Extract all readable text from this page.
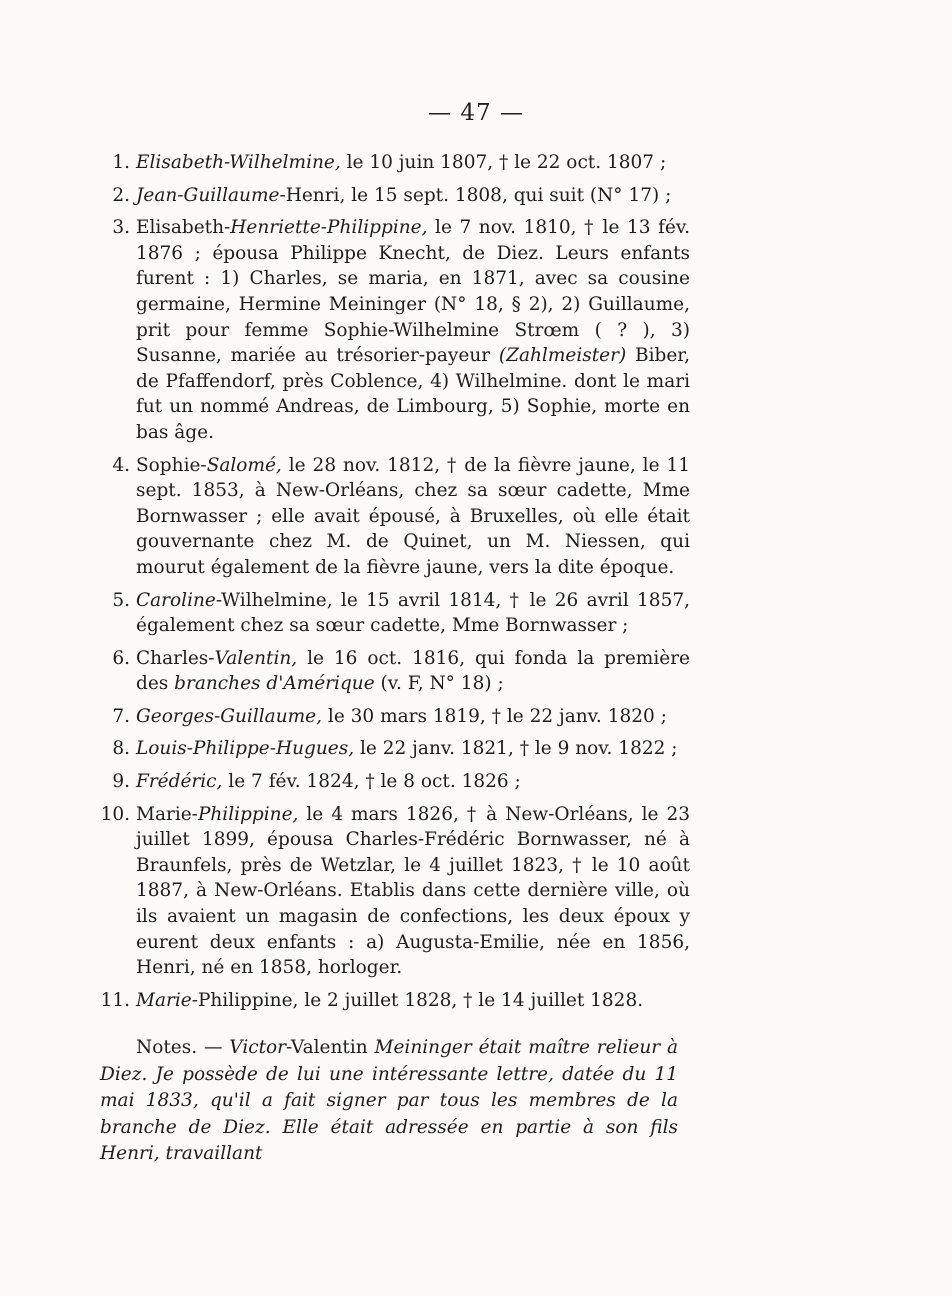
— 47 —
1. Elisabeth-Wilhelmine, le 10 juin 1807, † le 22 oct. 1807 ;
2. Jean-Guillaume-Henri, le 15 sept. 1808, qui suit (N° 17) ;
3. Elisabeth-Henriette-Philippine, le 7 nov. 1810, † le 13 fév. 1876 ; épousa Philippe Knecht, de Diez. Leurs enfants furent : 1) Charles, se maria, en 1871, avec sa cousine germaine, Hermine Meininger (N° 18, § 2), 2) Guillaume, prit pour femme Sophie-Wilhelmine Strœm ( ? ), 3) Susanne, mariée au trésorier-payeur (Zahlmeister) Biber, de Pfaffendorf, près Coblence, 4) Wilhelmine. dont le mari fut un nommé Andreas, de Limbourg, 5) Sophie, morte en bas âge.
4. Sophie-Salomé, le 28 nov. 1812, † de la fièvre jaune, le 11 sept. 1853, à New-Orléans, chez sa sœur cadette, Mme Bornwasser ; elle avait épousé, à Bruxelles, où elle était gouvernante chez M. de Quinet, un M. Niessen, qui mourut également de la fièvre jaune, vers la dite époque.
5. Caroline-Wilhelmine, le 15 avril 1814, † le 26 avril 1857, également chez sa sœur cadette, Mme Bornwasser ;
6. Charles-Valentin, le 16 oct. 1816, qui fonda la première des branches d'Amérique (v. F, N° 18) ;
7. Georges-Guillaume, le 30 mars 1819, † le 22 janv. 1820 ;
8. Louis-Philippe-Hugues, le 22 janv. 1821, † le 9 nov. 1822 ;
9. Frédéric, le 7 fév. 1824, † le 8 oct. 1826 ;
10. Marie-Philippine, le 4 mars 1826, † à New-Orléans, le 23 juillet 1899, épousa Charles-Frédéric Bornwasser, né à Braunfels, près de Wetzlar, le 4 juillet 1823, † le 10 août 1887, à New-Orléans. Etablis dans cette dernière ville, où ils avaient un magasin de confections, les deux époux y eurent deux enfants : a) Augusta-Emilie, née en 1856, Henri, né en 1858, horloger.
11. Marie-Philippine, le 2 juillet 1828, † le 14 juillet 1828.
Notes. — Victor-Valentin Meininger était maître relieur à Diez. Je possède de lui une intéressante lettre, datée du 11 mai 1833, qu'il a fait signer par tous les membres de la branche de Diez. Elle était adressée en partie à son fils Henri, travaillant
